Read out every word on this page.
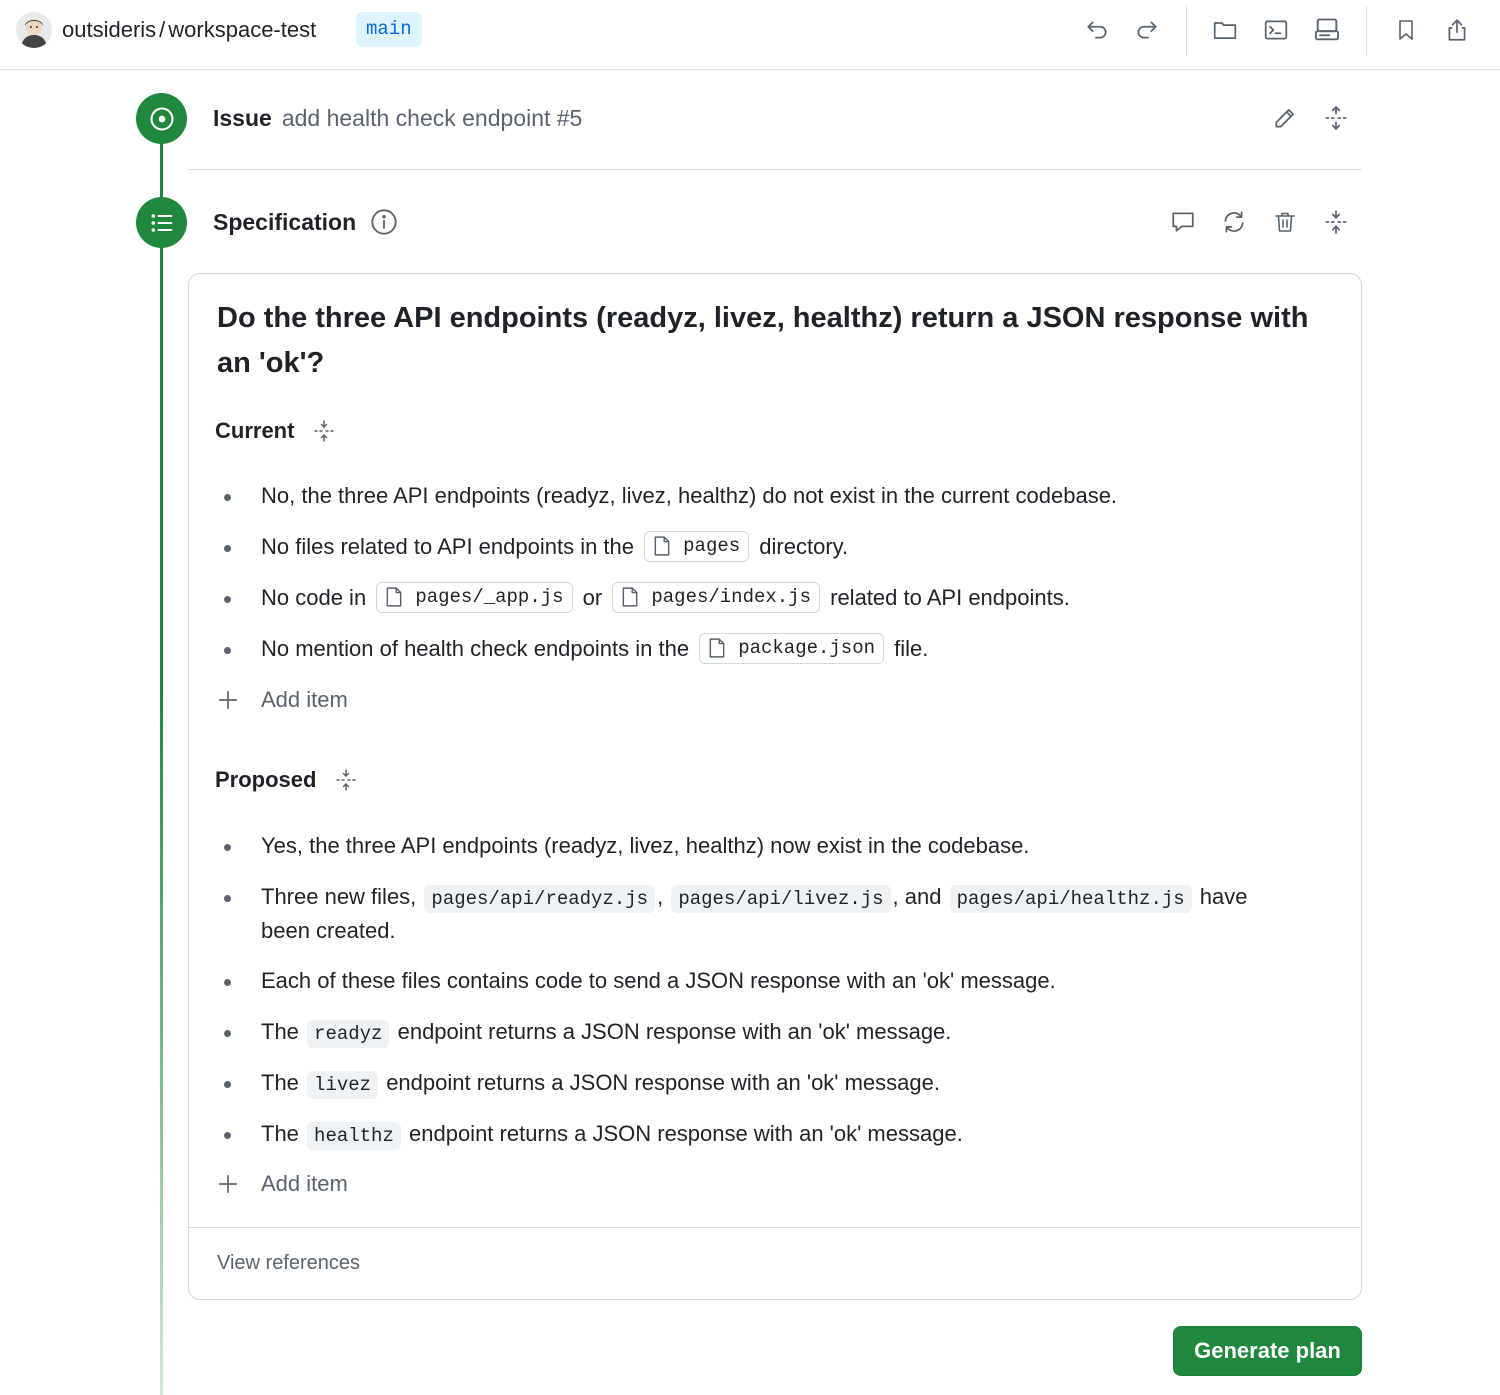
outsideris / workspace-test	main
Issue add health check endpoint #5
Specification
Do the three API endpoints (readyz, livez, healthz) return a JSON response with an 'ok'?
Current
No, the three API endpoints (readyz, livez, healthz) do not exist in the current codebase.
No files related to API endpoints in the	pages directory.
No code in	pages/_app.js or	pages/index.js related to API endpoints.
No mention of health check endpoints in the	package.json file.
Add item
Proposed
Yes, the three API endpoints (readyz, livez, healthz) now exist in the codebase.
Three new files, pages/api/readyz.js , pages/api/livez.js , and pages/api/healthz.js have been created.
Each of these files contains code to send a JSON response with an 'ok' message.
The readyz endpoint returns a JSON response with an 'ok' message.
The livez endpoint returns a JSON response with an 'ok' message.
The healthz endpoint returns a JSON response with an 'ok' message.
Add item
View references
Generate plan
